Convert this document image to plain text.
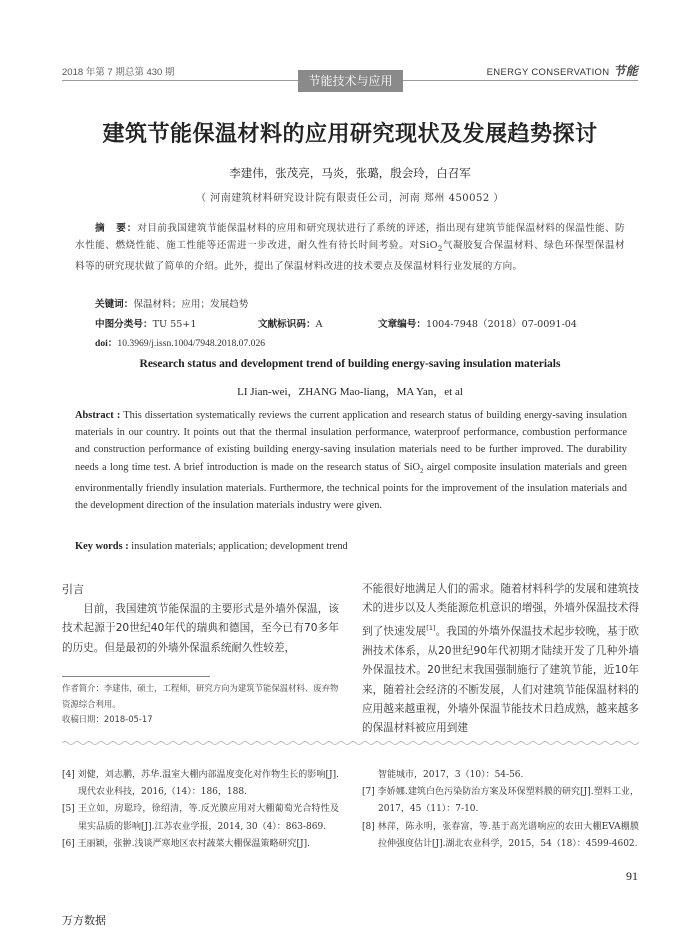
2018 年第 7 期总第 430 期	ENERGY CONSERVATION 节能
节能技术与应用
建筑节能保温材料的应用研究现状及发展趋势探讨
李建伟，张茂亮，马炎，张璐，殷会玲，白召军
（ 河南建筑材料研究设计院有限责任公司，河南 郑州 450052 ）
摘　要：对目前我国建筑节能保温材料的应用和研究现状进行了系统的评述，指出现有建筑节能保温材料的保温性能、防水性能、燃烧性能、施工性能等还需进一步改进，耐久性有待长时间考验。对SiO$_2$气凝胶复合保温材料、绿色环保型保温材料等的研究现状做了简单的介绍。此外，提出了保温材料改进的技术要点及保温材料行业发展的方向。
关键词：保温材料；应用；发展趋势
中图分类号：TU 55+1	文献标识码：A	文章编号：1004-7948（2018）07-0091-04
doi：10.3969/j.issn.1004/7948.2018.07.026
Research status and development trend of building energy-saving insulation materials
LI Jian-wei，ZHANG Mao-liang，MA Yan，et al
Abstract : This dissertation systematically reviews the current application and research status of building energy-saving insulation materials in our country. It points out that the thermal insulation performance, waterproof performance, combustion performance and construction performance of existing building energy-saving insulation materials need to be further improved. The durability needs a long time test. A brief introduction is made on the research status of SiO$_2$ airgel composite insulation materials and green environmentally friendly insulation materials. Furthermore, the technical points for the improvement of the insulation materials and the development direction of the insulation materials industry were given.
Key words : insulation materials; application; development trend
引言
目前，我国建筑节能保温的主要形式是外墙外保温，该技术起源于20世纪40年代的瑞典和德国，至今已有70多年的历史。但是最初的外墙外保温系统耐久性较差，
作者简介：李建伟，硕士，工程师，研究方向为建筑节能保温材料、废弃物资源综合利用。
收稿日期：2018-05-17
不能很好地满足人们的需求。随着材料科学的发展和建筑技术的进步以及人类能源危机意识的增强，外墙外保温技术得到了快速发展[1]。我国的外墙外保温技术起步较晚，基于欧洲技术体系，从20世纪90年代初期才陆续开发了几种外墙外保温技术。20世纪末我国强制施行了建筑节能，近10年来，随着社会经济的不断发展，人们对建筑节能保温材料的应用越来越重视，外墙外保温节能技术日趋成熟，越来越多的保温材料被应用到建
[4] 刘健，刘志鹏，苏华.温室大棚内部温度变化对作物生长的影响[J].现代农业科技，2016,（14）：186，188.
[5] 王立如，房聪玲，徐绍清，等.反光膜应用对大棚葡萄光合特性及果实品质的影响[J].江苏农业学报，2014, 30（4）：863-869.
[6] 王丽颖，张翀.浅谈严寒地区农村蔬菜大棚保温策略研究[J].
智能城市，2017，3（10）：54-56.
[7] 李娇娜.建筑白色污染防治方案及环保塑料膜的研究[J].塑料工业，2017，45（11）：7-10.
[8] 林萍，陈永明，张春富，等.基于高光谱响应的农田大棚EVA棚膜拉伸强度估计[J].湖北农业科学，2015，54（18）：4599-4602.
91
万方数据
